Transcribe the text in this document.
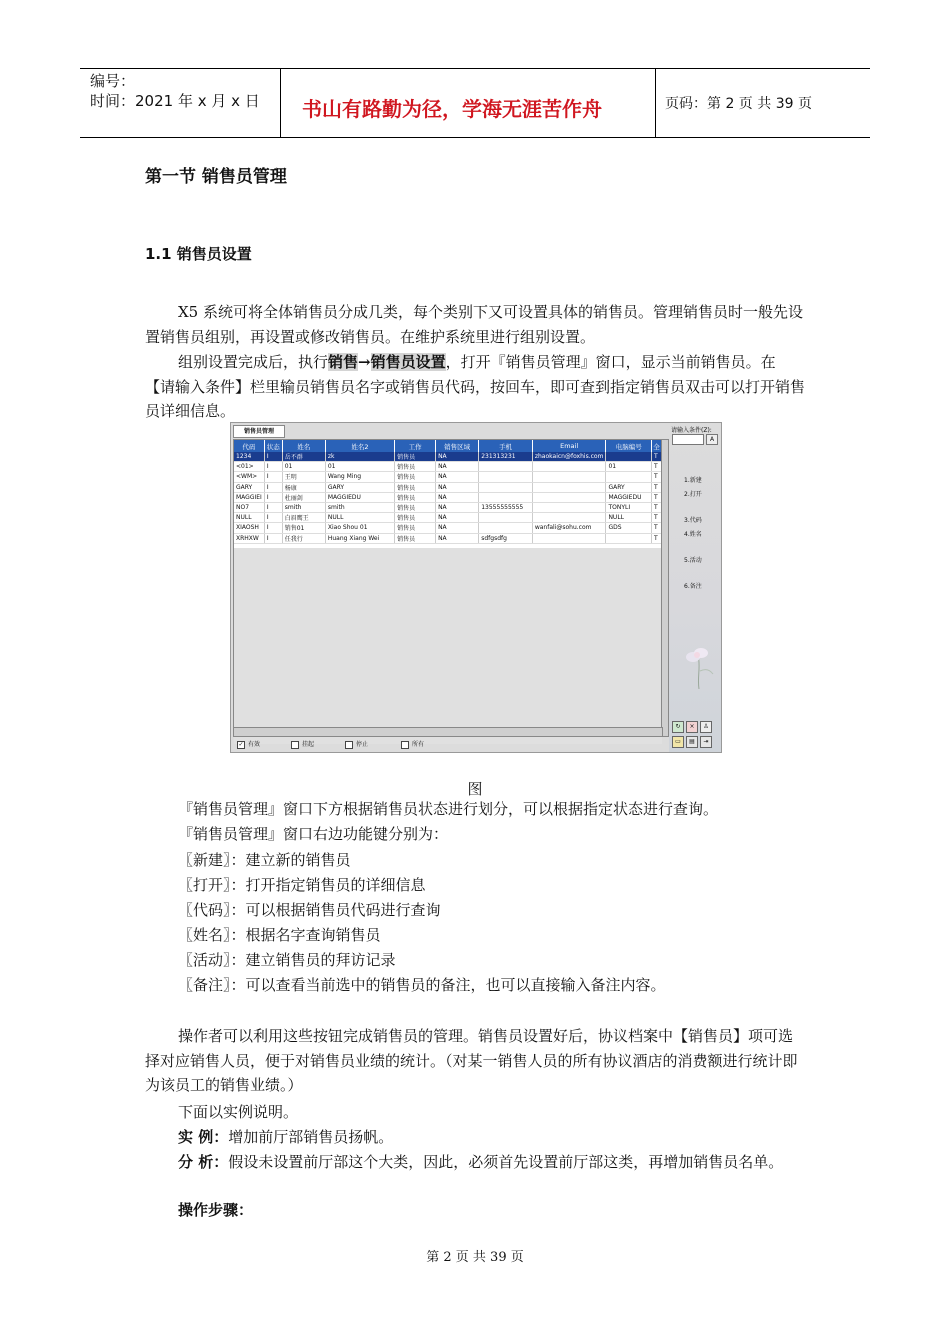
编号：
时间：2021 年 x 月 x 日 书山有路勤为径，学海无涯苦作舟	页码：第 2 页 共 39 页
第一节 销售员管理
1.1 销售员设置
X5 系统可将全体销售员分成几类，每个类别下又可设置具体的销售员。管理销售员时一般先设置销售员组别，再设置或修改销售员。在维护系统里进行组别设置。
组别设置完成后，执行销售→销售员设置，打开『销售员管理』窗口，显示当前销售员。在【请输入条件】栏里输员销售员名字或销售员代码，按回车，即可查到指定销售员双击可以打开销售员详细信息。
销售员管理
代码	状态	姓名	姓名2	工作	销售区域	手机	Email	电脑编号	全
1234	I	岳不群	zk	销售员	NA	231313231	zhaokaicn@foxhis.com		T
<01>	I	01	01	销售员	NA			01	T
<WM>	I	王明	Wang Ming	销售员	NA				T
GARY	I	杨康	GARY	销售员	NA			GARY	T
MAGGIEI	I	杜丽剑	MAGGIEDU	销售员	NA			MAGGIEDU	T
NO7	I	smith	smith	销售员	NA	13555555555		TONYLI	T
NULL	I	白眉鹰王	NULL	销售员	NA			NULL	T
XIAOSH	I	销售01	Xiao Shou 01	销售员	NA		wanfali@sohu.com	GDS	T
XRHXW	I	任我行	Huang Xiang Wei	销售员	NA	sdfgsdfg			T
✓ 有效	挂起	停止	所有
请输入条件(Z):
A
1.新建
2.打开
3.代码
4.姓名
5.活动
6.备注
↻	×	♙
▭	▤	⇥
图
『销售员管理』窗口下方根据销售员状态进行划分，可以根据指定状态进行查询。
『销售员管理』窗口右边功能键分别为：
〖新建〗：建立新的销售员
〖打开〗：打开指定销售员的详细信息
〖代码〗：可以根据销售员代码进行查询
〖姓名〗：根据名字查询销售员
〖活动〗：建立销售员的拜访记录
〖备注〗：可以查看当前选中的销售员的备注，也可以直接输入备注内容。
操作者可以利用这些按钮完成销售员的管理。销售员设置好后，协议档案中【销售员】项可选择对应销售人员，便于对销售员业绩的统计。（对某一销售人员的所有协议酒店的消费额进行统计即为该员工的销售业绩。）
下面以实例说明。
实 例：增加前厅部销售员扬帆。
分 析：假设未设置前厅部这个大类，因此，必须首先设置前厅部这类，再增加销售员名单。
操作步骤：
第 2 页 共 39 页
